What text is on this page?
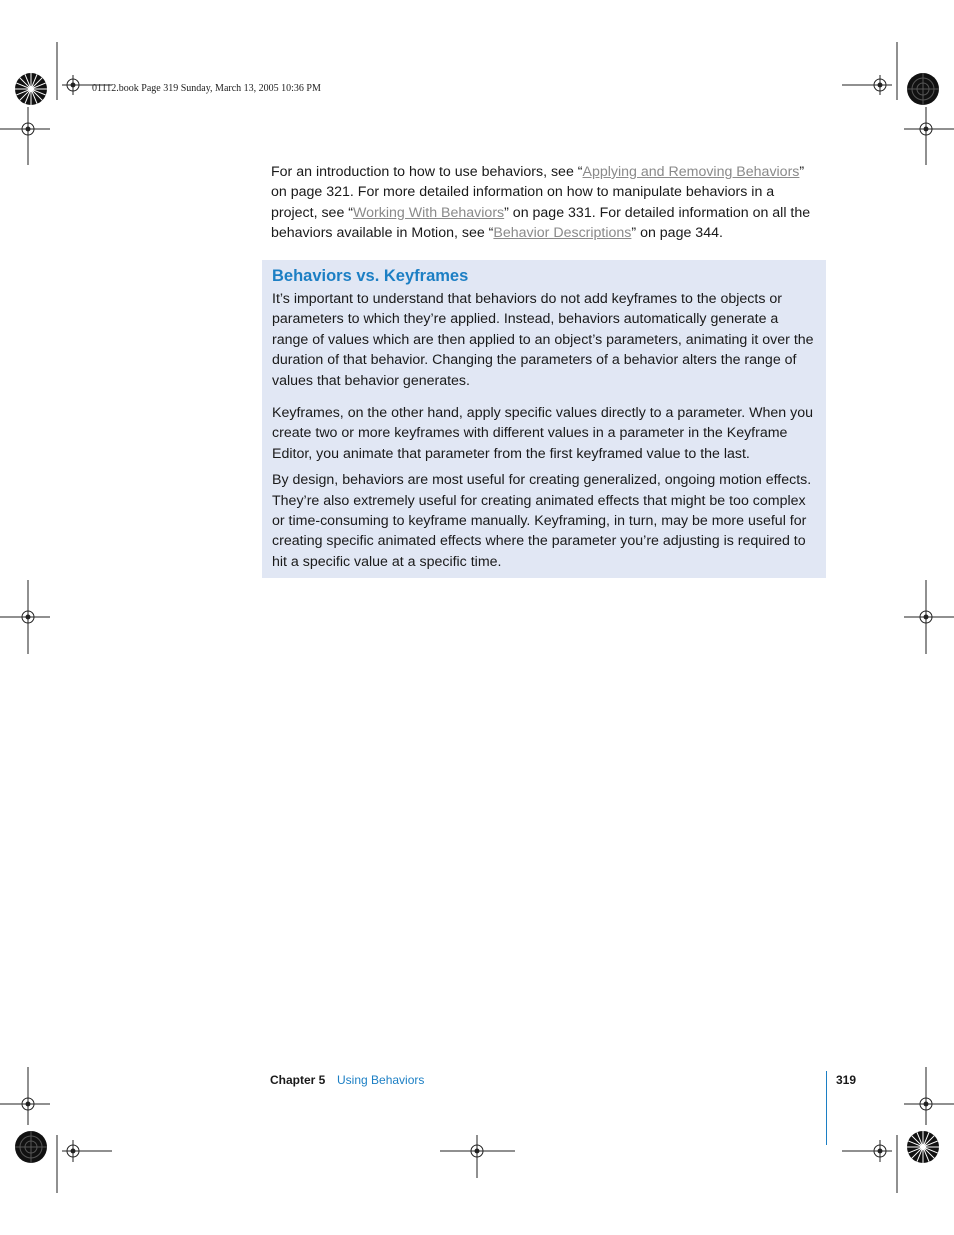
01112.book Page 319 Sunday, March 13, 2005 10:36 PM

For an introduction to how to use behaviors, see “Applying and Removing Behaviors” on page 321. For more detailed information on how to manipulate behaviors in a project, see “Working With Behaviors” on page 331. For detailed information on all the behaviors available in Motion, see “Behavior Descriptions” on page 344.

Behaviors vs. Keyframes

It’s important to understand that behaviors do not add keyframes to the objects or parameters to which they’re applied. Instead, behaviors automatically generate a range of values which are then applied to an object’s parameters, animating it over the duration of that behavior. Changing the parameters of a behavior alters the range of values that behavior generates.

Keyframes, on the other hand, apply specific values directly to a parameter. When you create two or more keyframes with different values in a parameter in the Keyframe Editor, you animate that parameter from the first keyframed value to the last.

By design, behaviors are most useful for creating generalized, ongoing motion effects. They’re also extremely useful for creating animated effects that might be too complex or time-consuming to keyframe manually. Keyframing, in turn, may be more useful for creating specific animated effects where the parameter you’re adjusting is required to hit a specific value at a specific time.

Chapter 5 Using Behaviors	319
